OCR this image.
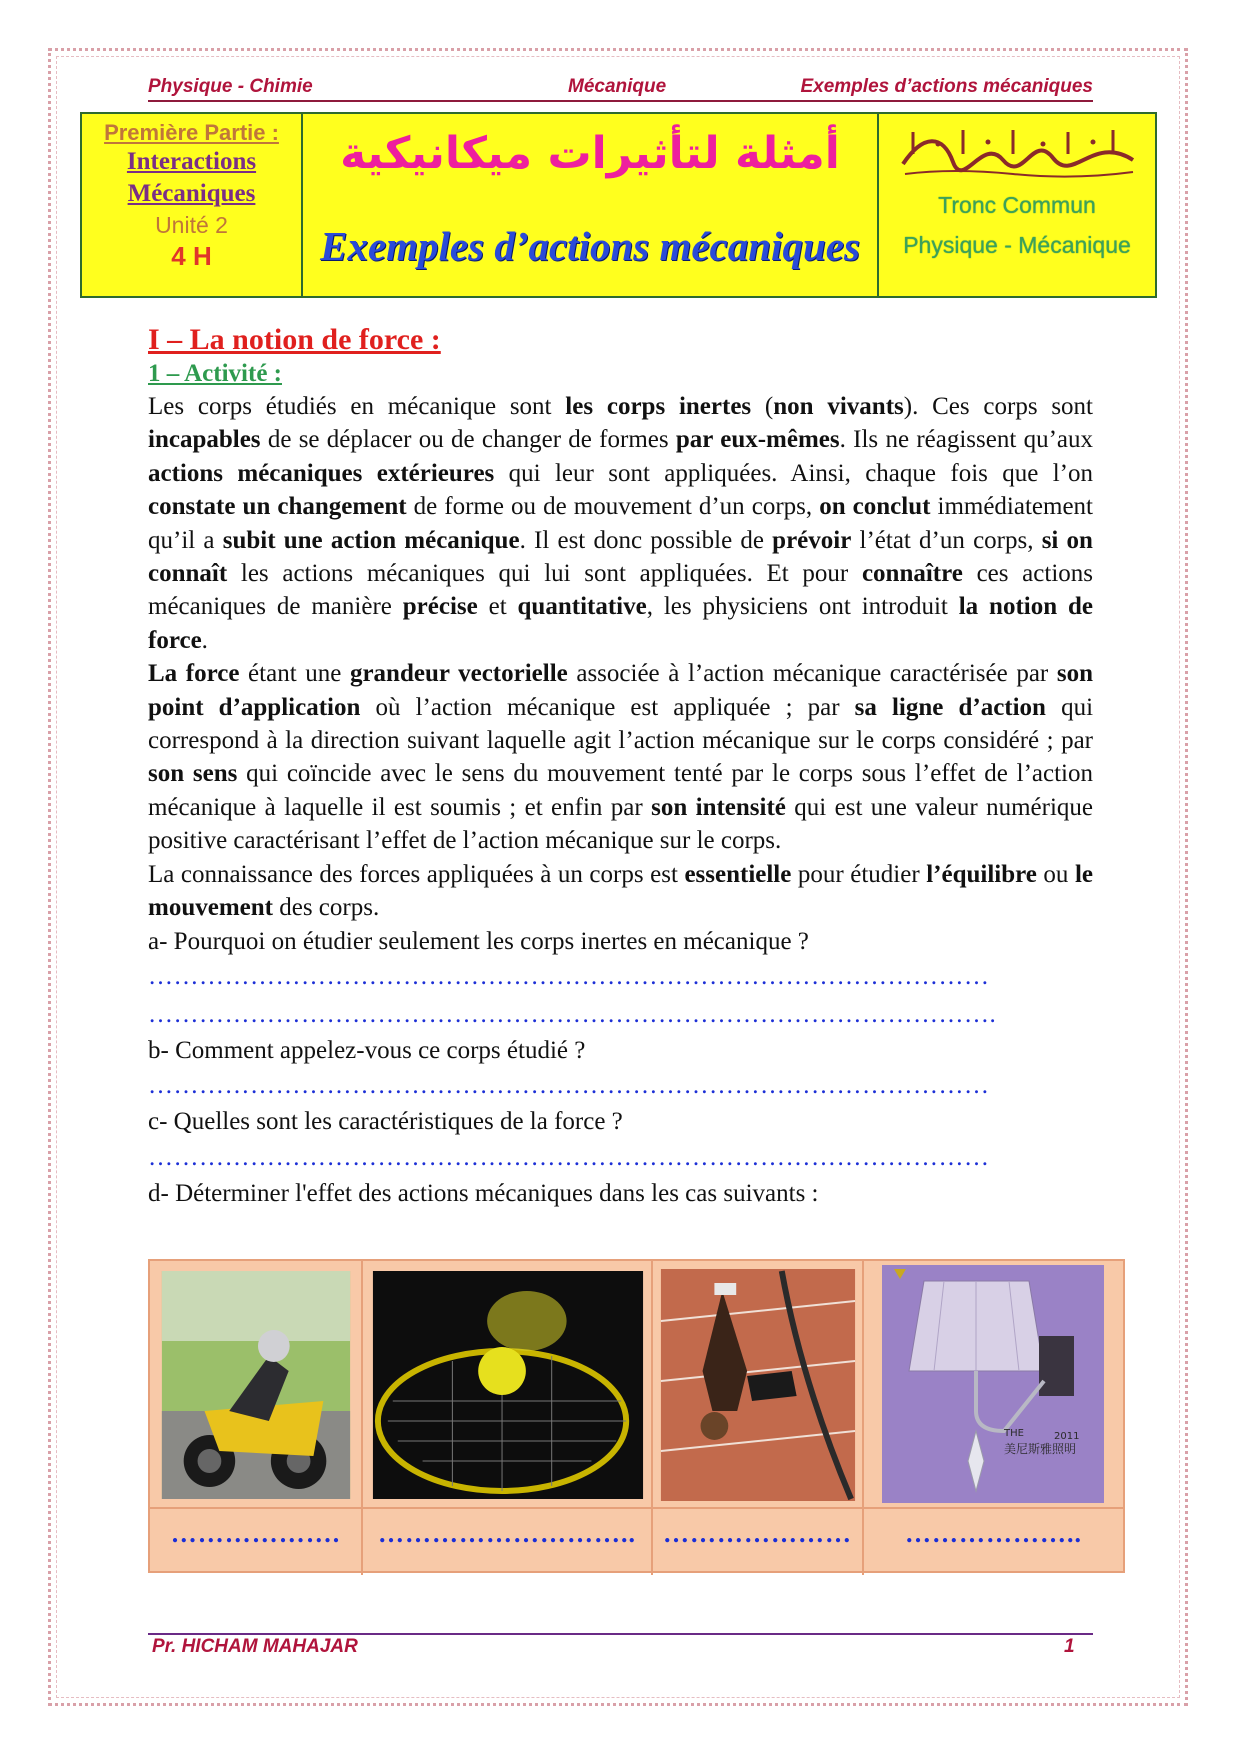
Physique - Chimie	Mécanique	Exemples d’actions mécaniques
Première Partie :
Interactions
Mécaniques
Unité 2
4 H
أمثلة لتأثيرات ميكانيكية
Exemples d’actions mécaniques
Tronc Commun
Physique - Mécanique
I – La notion de force :
1 – Activité :
Les corps étudiés en mécanique sont les corps inertes (non vivants). Ces corps sont incapables de se déplacer ou de changer de formes par eux-mêmes. Ils ne réagissent qu’aux actions mécaniques extérieures qui leur sont appliquées. Ainsi, chaque fois que l’on constate un changement de forme ou de mouvement d’un corps, on conclut immédiatement qu’il a subit une action mécanique. Il est donc possible de prévoir l’état d’un corps, si on connaît les actions mécaniques qui lui sont appliquées. Et pour connaître ces actions mécaniques de manière précise et quantitative, les physiciens ont introduit la notion de force.
La force étant une grandeur vectorielle associée à l’action mécanique caractérisée par son point d’application où l’action mécanique est appliquée ; par sa ligne d’action qui correspond à la direction suivant laquelle agit l’action mécanique sur le corps considéré ; par son sens qui coïncide avec le sens du mouvement tenté par le corps sous l’effet de l’action mécanique à laquelle il est soumis ; et enfin par son intensité qui est une valeur numérique positive caractérisant l’effet de l’action mécanique sur le corps.
La connaissance des forces appliquées à un corps est essentielle pour étudier l’équilibre ou le mouvement des corps.
a- Pourquoi on étudier seulement les corps inertes en mécanique ?
………………………………………………………………………………………
……………………………………………………………………………………….
b- Comment appelez-vous ce corps étudié ?
………………………………………………………………………………………
c- Quelles sont les caractéristiques de la force ?
………………………………………………………………………………………
d- Déterminer l'effet des actions mécaniques dans les cas suivants :
THE	2011
美尼斯雅照明
……………….	………………………..	…………………	………………..
Pr. HICHAM MAHAJAR	1
